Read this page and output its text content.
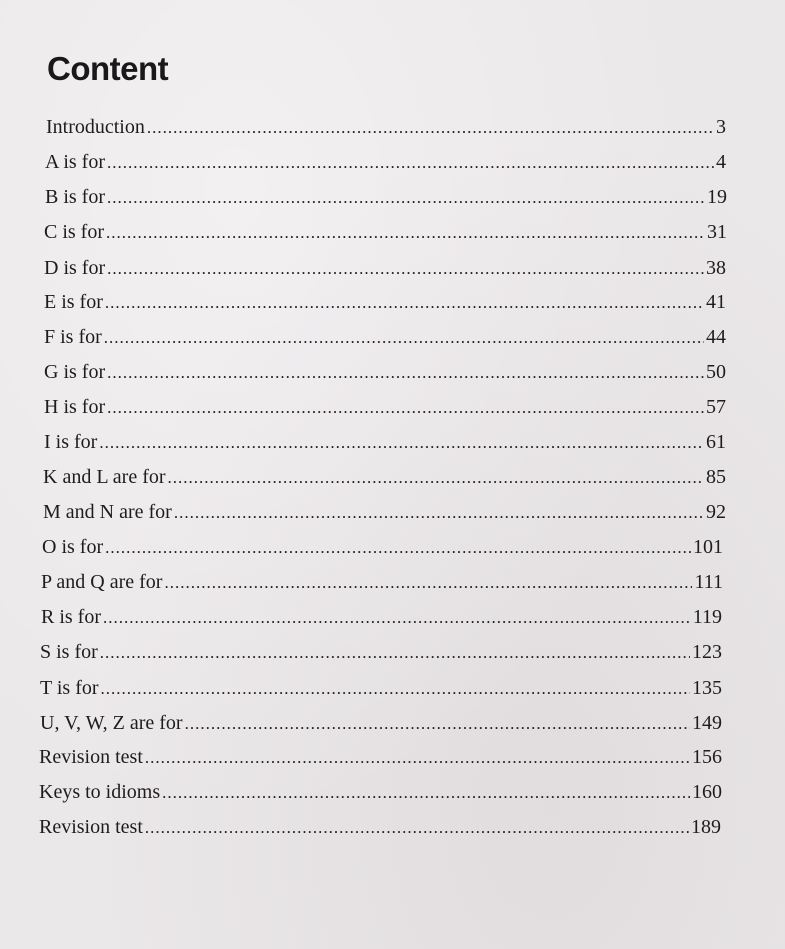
Content
Introduction .....	3
A is for .....	4
B is for .....	19
C is for .....	31
D is for .....	38
E is for .....	41
F is for .....	44
G is for .....	50
H is for .....	57
I is for .....	61
K and L are for .....	85
M and N are for .....	92
O is for .....	101
P and Q are for .....	111
R is for .....	119
S is for .....	123
T is for .....	135
U, V, W, Z are for .....	149
Revision test .....	156
Keys to idioms .....	160
Revision test .....	189
